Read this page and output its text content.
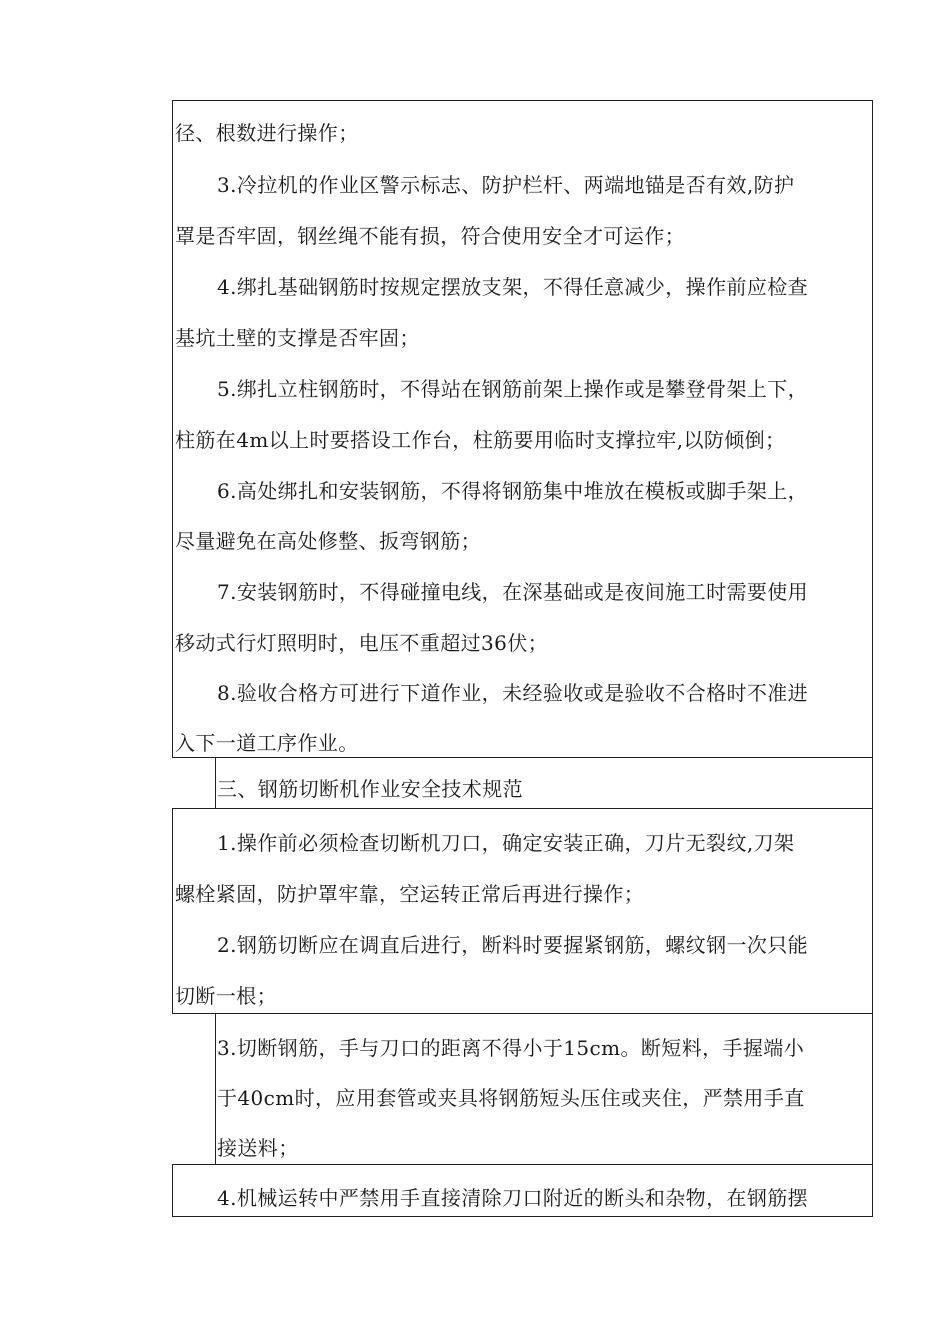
径、根数进行操作；
3.冷拉机的作业区警示标志、防护栏杆、两端地锚是否有效,防护
罩是否牢固，钢丝绳不能有损，符合使用安全才可运作；
4.绑扎基础钢筋时按规定摆放支架，不得任意减少，操作前应检查
基坑土壁的支撑是否牢固；
5.绑扎立柱钢筋时，不得站在钢筋前架上操作或是攀登骨架上下，
柱筋在4m以上时要搭设工作台，柱筋要用临时支撑拉牢,以防倾倒；
6.高处绑扎和安装钢筋，不得将钢筋集中堆放在模板或脚手架上，
尽量避免在高处修整、扳弯钢筋；
7.安装钢筋时，不得碰撞电线，在深基础或是夜间施工时需要使用
移动式行灯照明时，电压不重超过36伏；
8.验收合格方可进行下道作业，未经验收或是验收不合格时不准进
入下一道工序作业。
三、钢筋切断机作业安全技术规范
1.操作前必须检查切断机刀口，确定安装正确，刀片无裂纹,刀架
螺栓紧固，防护罩牢靠，空运转正常后再进行操作；
2.钢筋切断应在调直后进行，断料时要握紧钢筋，螺纹钢一次只能
切断一根；
3.切断钢筋，手与刀口的距离不得小于15cm。断短料，手握端小
于40cm时，应用套管或夹具将钢筋短头压住或夹住，严禁用手直
接送料；
4.机械运转中严禁用手直接清除刀口附近的断头和杂物，在钢筋摆
